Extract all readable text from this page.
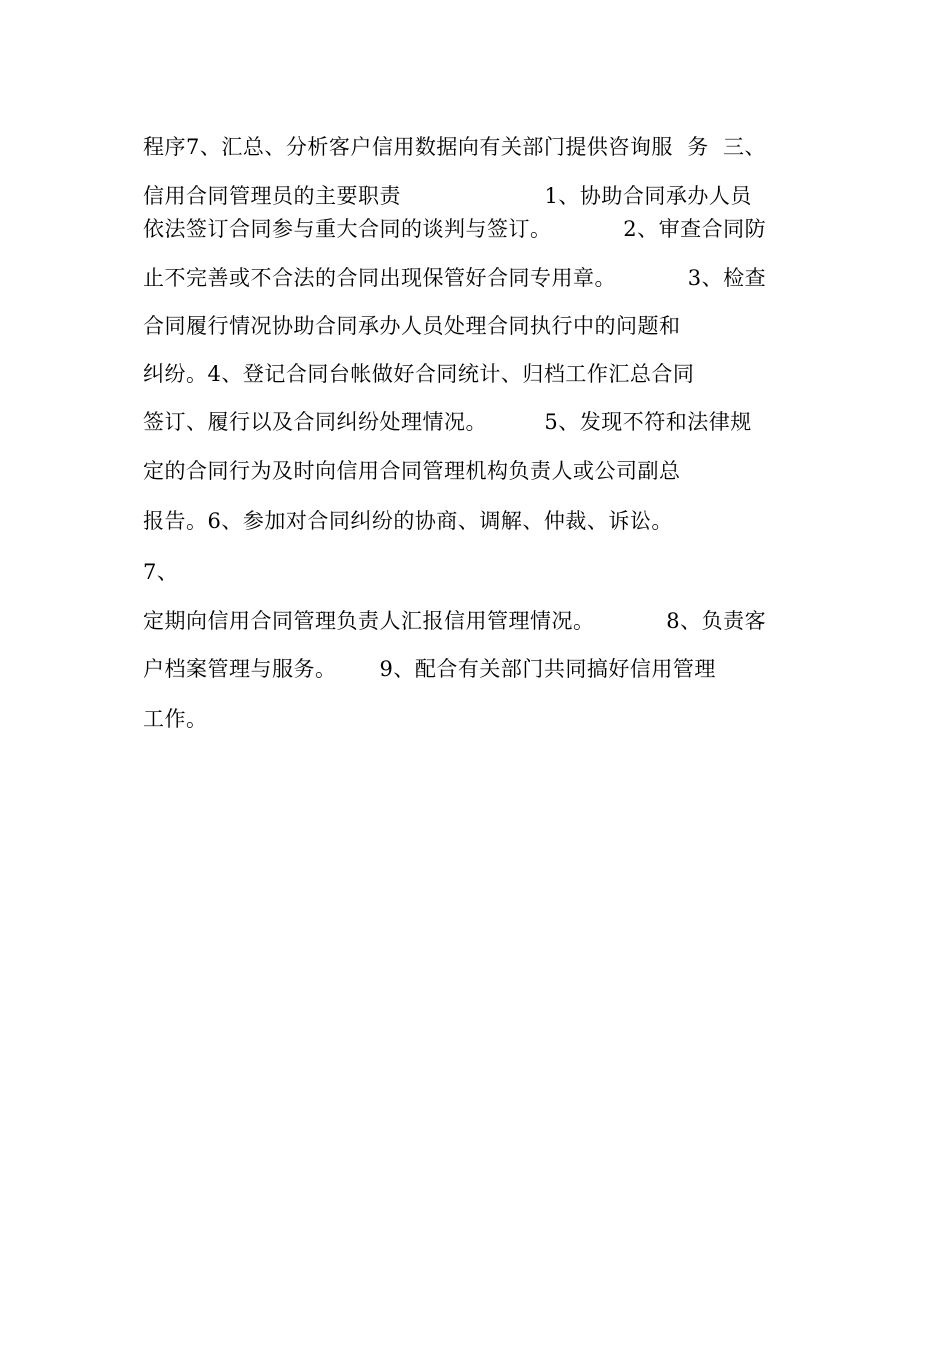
程序7、汇总、分析客户信用数据向有关部门提供咨询服  务  三、
信用合同管理员的主要职责                    1、协助合同承办人员
依法签订合同参与重大合同的谈判与签订。          2、审查合同防
止不完善或不合法的合同出现保管好合同专用章。          3、检查
合同履行情况协助合同承办人员处理合同执行中的问题和
纠纷。4、登记合同台帐做好合同统计、归档工作汇总合同
签订、履行以及合同纠纷处理情况。        5、发现不符和法律规
定的合同行为及时向信用合同管理机构负责人或公司副总
报告。6、参加对合同纠纷的协商、调解、仲裁、诉讼。
7、
定期向信用合同管理负责人汇报信用管理情况。          8、负责客
户档案管理与服务。      9、配合有关部门共同搞好信用管理
工作。
